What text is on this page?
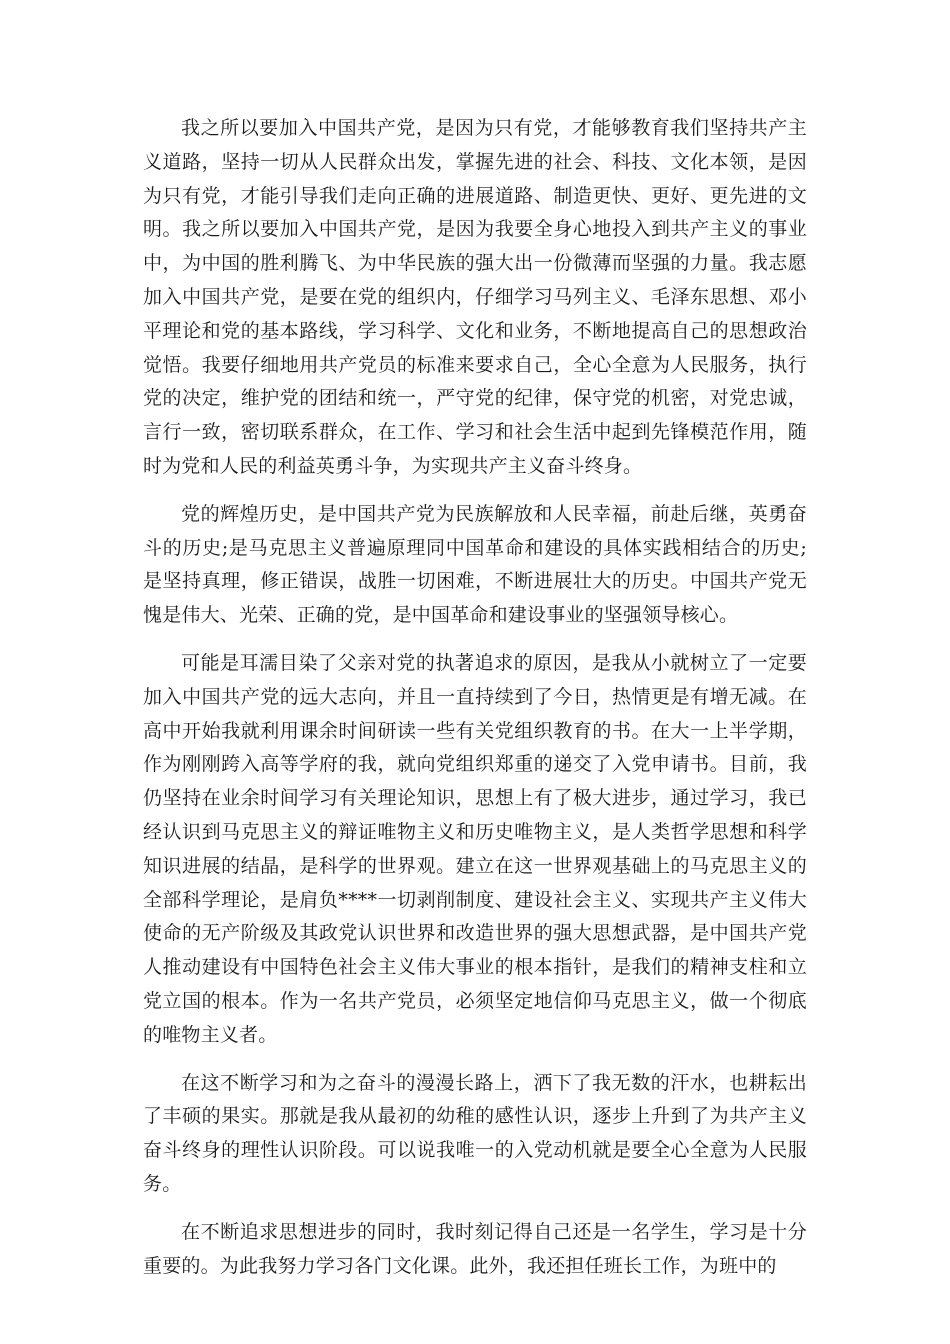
我之所以要加入中国共产党，是因为只有党，才能够教育我们坚持共产主义道路，坚持一切从人民群众出发，掌握先进的社会、科技、文化本领，是因为只有党，才能引导我们走向正确的进展道路、制造更快、更好、更先进的文明。我之所以要加入中国共产党，是因为我要全身心地投入到共产主义的事业中，为中国的胜利腾飞、为中华民族的强大出一份微薄而坚强的力量。我志愿加入中国共产党，是要在党的组织内，仔细学习马列主义、毛泽东思想、邓小平理论和党的基本路线，学习科学、文化和业务，不断地提高自己的思想政治觉悟。我要仔细地用共产党员的标准来要求自己，全心全意为人民服务，执行党的决定，维护党的团结和统一，严守党的纪律，保守党的机密，对党忠诚，言行一致，密切联系群众，在工作、学习和社会生活中起到先锋模范作用，随时为党和人民的利益英勇斗争，为实现共产主义奋斗终身。

党的辉煌历史，是中国共产党为民族解放和人民幸福，前赴后继，英勇奋斗的历史;是马克思主义普遍原理同中国革命和建设的具体实践相结合的历史;是坚持真理，修正错误，战胜一切困难，不断进展壮大的历史。中国共产党无愧是伟大、光荣、正确的党，是中国革命和建设事业的坚强领导核心。

可能是耳濡目染了父亲对党的执著追求的原因，是我从小就树立了一定要加入中国共产党的远大志向，并且一直持续到了今日，热情更是有增无减。在高中开始我就利用课余时间研读一些有关党组织教育的书。在大一上半学期，作为刚刚跨入高等学府的我，就向党组织郑重的递交了入党申请书。目前，我仍坚持在业余时间学习有关理论知识，思想上有了极大进步，通过学习，我已经认识到马克思主义的辩证唯物主义和历史唯物主义，是人类哲学思想和科学知识进展的结晶，是科学的世界观。建立在这一世界观基础上的马克思主义的全部科学理论，是肩负****一切剥削制度、建设社会主义、实现共产主义伟大使命的无产阶级及其政党认识世界和改造世界的强大思想武器，是中国共产党人推动建设有中国特色社会主义伟大事业的根本指针，是我们的精神支柱和立党立国的根本。作为一名共产党员，必须坚定地信仰马克思主义，做一个彻底的唯物主义者。

在这不断学习和为之奋斗的漫漫长路上，洒下了我无数的汗水，也耕耘出了丰硕的果实。那就是我从最初的幼稚的感性认识，逐步上升到了为共产主义奋斗终身的理性认识阶段。可以说我唯一的入党动机就是要全心全意为人民服务。

在不断追求思想进步的同时，我时刻记得自己还是一名学生，学习是十分重要的。为此我努力学习各门文化课。此外，我还担任班长工作，为班中的
